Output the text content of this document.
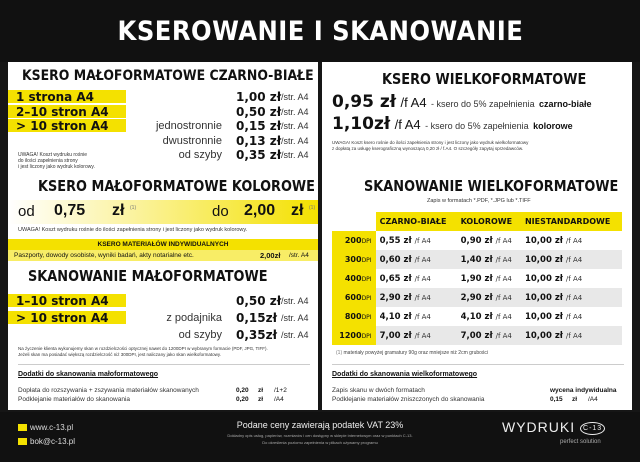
KSEROWANIE I SKANOWANIE
KSERO MAŁOFORMATOWE CZARNO-BIAŁE
1 strona A4	1,00 zł /str. A4
2–10 stron A4	0,50 zł /str. A4
> 10 stron A4	jednostronnie 0,15 zł /str. A4
dwustronnie 0,13 zł /str. A4
od szyby 0,35 zł /str. A4
UWAGA! Koszt wydruku rośnie
do ilości zapełnienia strony
i jest liczony jako wydruk kolorowy.
KSERO MAŁOFORMATOWE KOLOROWE
od 0,75 zł (1)	do 2,00 zł (1)
UWAGA! Koszt wydruku rośnie do ilości zapełnienia strony i jest liczony jako wydruk kolorowy.
KSERO MATERIAŁÓW INDYWIDUALNYCH
Paszporty, dowody osobiste, wyniki badań, akty notarialne etc.	2,00zł /str. A4
SKANOWANIE MAŁOFORMATOWE
1–10 stron A4	0,50 zł /str. A4
> 10 stron A4	z podajnika 0,15zł /str. A4
od szyby 0,35zł /str. A4
Na życzenie klienta wykonujemy skan w rozdzielczości optycznej nawet do 1200DPI w wybranym formacie (PDF, JPG, TIFF).
Jeżeli skan ma posiadać większą rozdzielczość niż 300DPI, jest naliczany jako skan wielkoformatowy.
Dodatki do skanowania małoformatowego
Dopłata do rozszywania + zszywania materiałów skanowanych	0,20 zł /1+2
Podklejanie materiałów do skanowania	0,20 zł /A4
KSERO WIELKOFORMATOWE
0,95 zł /f A4 - ksero do 5% zapełnienia czarno-białe
1,10zł /f A4 - ksero do 5% zapełnienia kolorowe
UWAGA! Koszt ksero rośnie do ilości zapełnienia strony i jest liczony jako wydruk wielkoformatowy
z dopłatą za usługę kserograficzną wynoszącą 0,20 zł / f.A4. O szczegóły zapytaj sprzedawców.
SKANOWANIE WIELKOFORMATOWE
Zapis w formatach *.PDF, *.JPG lub *.TIFF
	CZARNO-BIAŁE	KOLOROWE	NIESTANDARDOWE
200DPI	0,55 zł /f A4	0,90 zł /f A4	10,00 zł /f A4
300DPI	0,60 zł /f A4	1,40 zł /f A4	10,00 zł /f A4
400DPI	0,65 zł /f A4	1,90 zł /f A4	10,00 zł /f A4
600DPI	2,90 zł /f A4	2,90 zł /f A4	10,00 zł /f A4
800DPI	4,10 zł /f A4	4,10 zł /f A4	10,00 zł /f A4
1200DPI	7,00 zł /f A4	7,00 zł /f A4	10,00 zł /f A4
(1) materiały powyżej gramatury 90g oraz mniejsze niż 2cm grubości
Dodatki do skanowania wielkoformatowego
Zapis skanu w dwóch formatach	wycena indywidualna
Podklejanie materiałów zniszczonych do skanowania	0,15 zł /A4
www.c-13.pl
bok@c-13.pl
Podane ceny zawierają podatek VAT 23%
Dokładny opis usług, papierów, rozmiarów i cen dostępny w sklepie internetowym oraz w punktach C-13.
Do określenia poziomu zapełnienia w plikach używamy programu
WYDRUKI C-13
perfect solution
